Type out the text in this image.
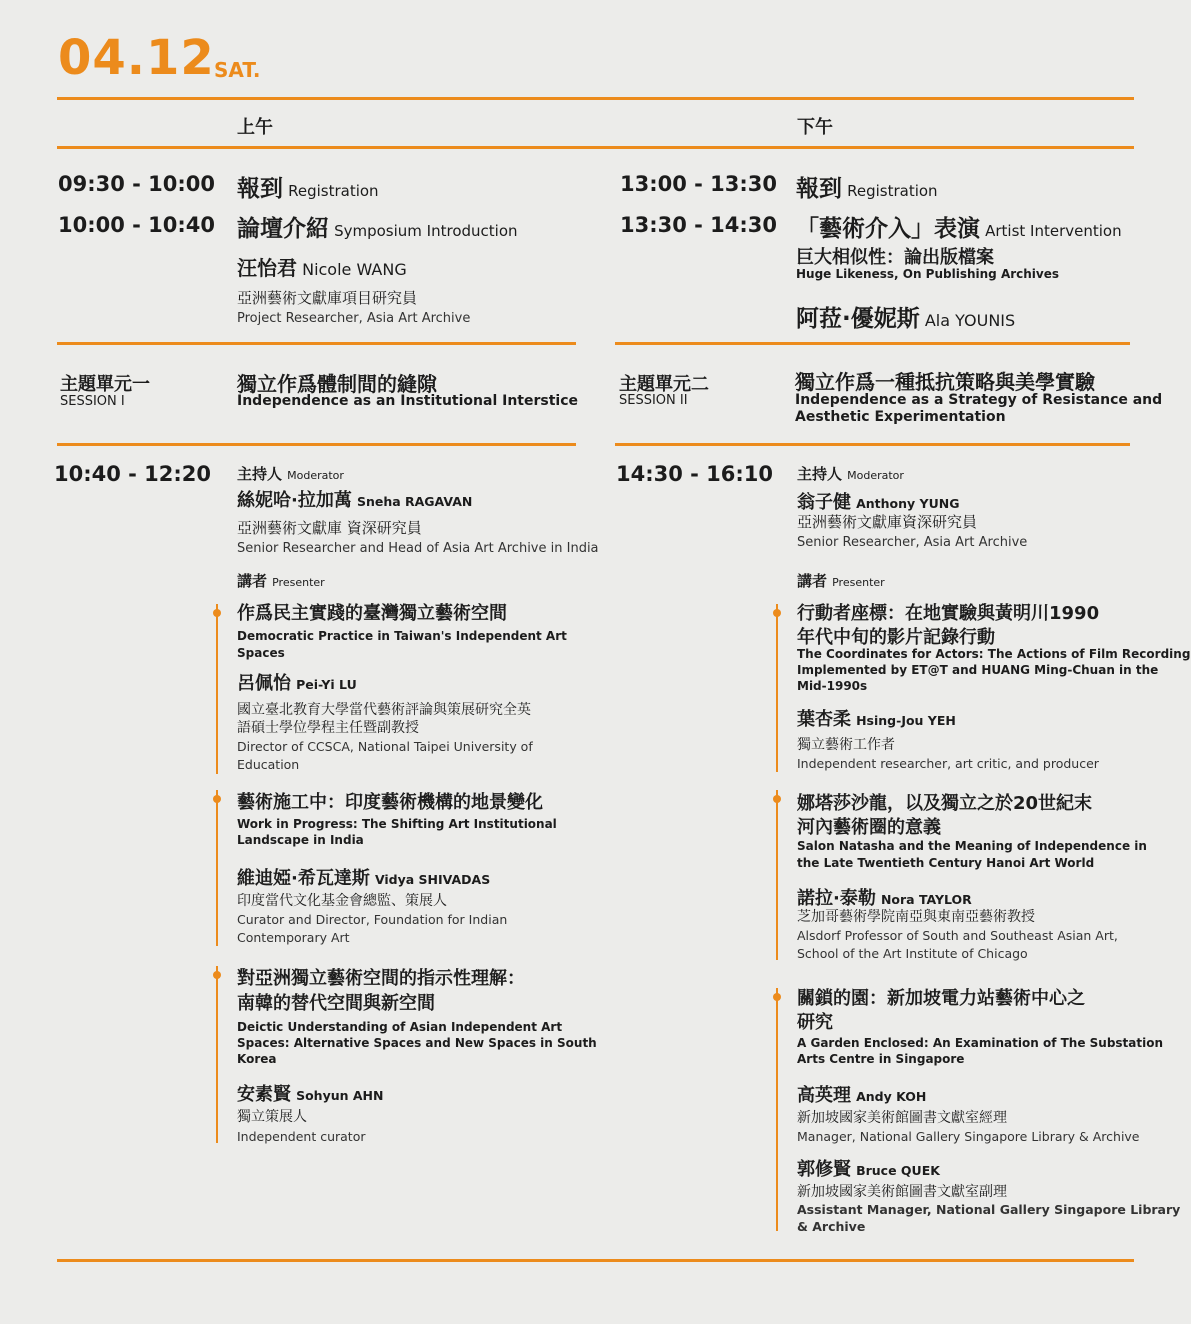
04.12 SAT.
上午	下午
09:30 - 10:00 報到 Registration
10:00 - 10:40 論壇介紹 Symposium Introduction
汪怡君 Nicole WANG
亞洲藝術文獻庫項目研究員
Project Researcher, Asia Art Archive
13:00 - 13:30 報到 Registration
13:30 - 14:30 「藝術介入」表演 Artist Intervention
巨大相似性：論出版檔案
Huge Likeness, On Publishing Archives
阿菈·優妮斯 Ala YOUNIS
主題單元一
SESSION I
獨立作爲體制間的縫隙
Independence as an Institutional Interstice
主題單元二
SESSION II
獨立作爲一種抵抗策略與美學實驗
Independence as a Strategy of Resistance and
Aesthetic Experimentation
10:40 - 12:20 主持人 Moderator
絲妮哈·拉加萬 Sneha RAGAVAN
亞洲藝術文獻庫 資深研究員
Senior Researcher and Head of Asia Art Archive in India
講者 Presenter
作爲民主實踐的臺灣獨立藝術空間
Democratic Practice in Taiwan's Independent Art
Spaces
呂佩怡 Pei-Yi LU
國立臺北教育大學當代藝術評論與策展研究全英
語碩士學位學程主任暨副教授
Director of CCSCA, National Taipei University of
Education
藝術施工中：印度藝術機構的地景變化
Work in Progress: The Shifting Art Institutional
Landscape in India
維迪婭·希瓦達斯 Vidya SHIVADAS
印度當代文化基金會總監、策展人
Curator and Director, Foundation for Indian
Contemporary Art
對亞洲獨立藝術空間的指示性理解：
南韓的替代空間與新空間
Deictic Understanding of Asian Independent Art
Spaces: Alternative Spaces and New Spaces in South
Korea
安素賢 Sohyun AHN
獨立策展人
Independent curator
14:30 - 16:10 主持人 Moderator
翁子健 Anthony YUNG
亞洲藝術文獻庫資深研究員
Senior Researcher, Asia Art Archive
講者 Presenter
行動者座標：在地實驗與黃明川1990
年代中旬的影片記錄行動
The Coordinates for Actors: The Actions of Film Recording
Implemented by ET@T and HUANG Ming-Chuan in the
Mid-1990s
葉杏柔 Hsing-Jou YEH
獨立藝術工作者
Independent researcher, art critic, and producer
娜塔莎沙龍，以及獨立之於20世紀末
河內藝術圈的意義
Salon Natasha and the Meaning of Independence in
the Late Twentieth Century Hanoi Art World
諾拉·泰勒 Nora TAYLOR
芝加哥藝術學院南亞與東南亞藝術教授
Alsdorf Professor of South and Southeast Asian Art,
School of the Art Institute of Chicago
關鎖的園：新加坡電力站藝術中心之
研究
A Garden Enclosed: An Examination of The Substation
Arts Centre in Singapore
高英理 Andy KOH
新加坡國家美術館圖書文獻室經理
Manager, National Gallery Singapore Library & Archive
郭修賢 Bruce QUEK
新加坡國家美術館圖書文獻室副理
Assistant Manager, National Gallery Singapore Library
& Archive
